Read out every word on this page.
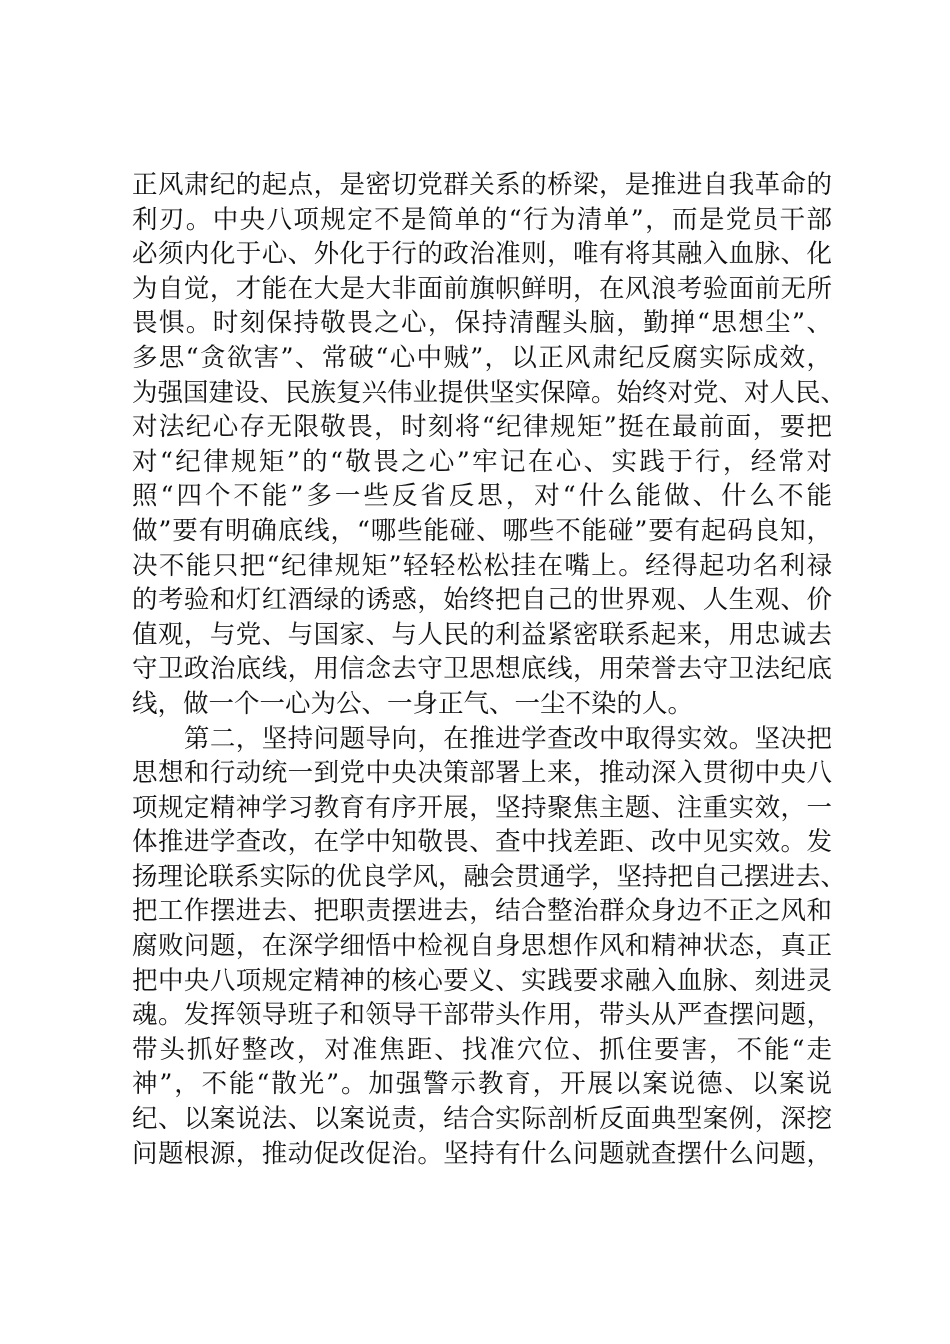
正风肃纪的起点，是密切党群关系的桥梁，是推进自我革命的
利刃。中央八项规定不是简单的“行为清单”，而是党员干部
必须内化于心、外化于行的政治准则，唯有将其融入血脉、化
为自觉，才能在大是大非面前旗帜鲜明，在风浪考验面前无所
畏惧。时刻保持敬畏之心，保持清醒头脑，勤掸“思想尘”、
多思“贪欲害”、常破“心中贼”，以正风肃纪反腐实际成效，
为强国建设、民族复兴伟业提供坚实保障。始终对党、对人民、
对法纪心存无限敬畏，时刻将“纪律规矩”挺在最前面，要把
对“纪律规矩”的“敬畏之心”牢记在心、实践于行，经常对
照“四个不能”多一些反省反思，对“什么能做、什么不能
做”要有明确底线，“哪些能碰、哪些不能碰”要有起码良知，
决不能只把“纪律规矩”轻轻松松挂在嘴上。经得起功名利禄
的考验和灯红酒绿的诱惑，始终把自己的世界观、人生观、价
值观，与党、与国家、与人民的利益紧密联系起来，用忠诚去
守卫政治底线，用信念去守卫思想底线，用荣誉去守卫法纪底
线，做一个一心为公、一身正气、一尘不染的人。
　　第二，坚持问题导向，在推进学查改中取得实效。坚决把
思想和行动统一到党中央决策部署上来，推动深入贯彻中央八
项规定精神学习教育有序开展，坚持聚焦主题、注重实效，一
体推进学查改，在学中知敬畏、查中找差距、改中见实效。发
扬理论联系实际的优良学风，融会贯通学，坚持把自己摆进去、
把工作摆进去、把职责摆进去，结合整治群众身边不正之风和
腐败问题，在深学细悟中检视自身思想作风和精神状态，真正
把中央八项规定精神的核心要义、实践要求融入血脉、刻进灵
魂。发挥领导班子和领导干部带头作用，带头从严查摆问题，
带头抓好整改，对准焦距、找准穴位、抓住要害，不能“走
神”，不能“散光”。加强警示教育，开展以案说德、以案说
纪、以案说法、以案说责，结合实际剖析反面典型案例，深挖
问题根源，推动促改促治。坚持有什么问题就查摆什么问题，
